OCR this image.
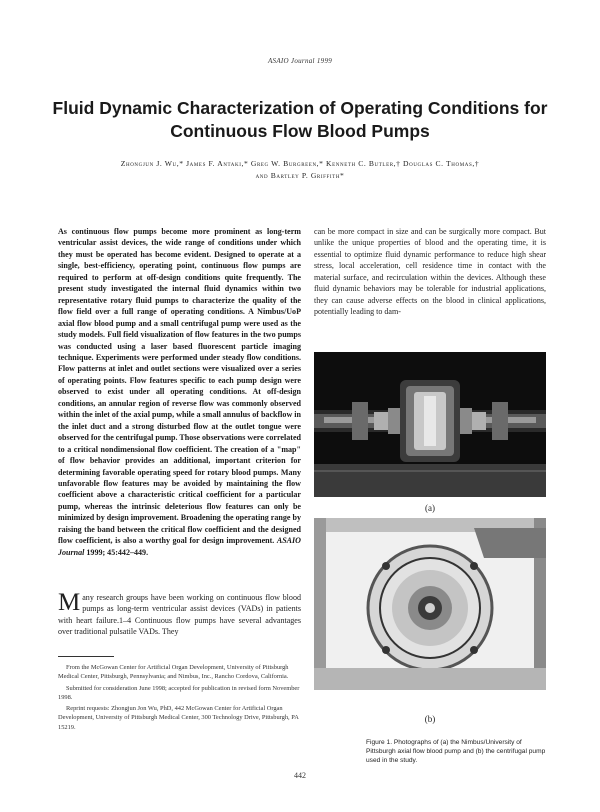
ASAIO Journal 1999
Fluid Dynamic Characterization of Operating Conditions for
Continuous Flow Blood Pumps
Zhongjun J. Wu,* James F. Antaki,* Greg W. Burgreen,* Kenneth C. Butler,† Douglas C. Thomas,†
and Bartley P. Griffith*
As continuous flow pumps become more prominent as long-term ventricular assist devices, the wide range of conditions under which they must be operated has become evident. Designed to operate at a single, best-efficiency, operating point, continuous flow pumps are required to perform at off-design conditions quite frequently. The present study investigated the internal fluid dynamics within two representative rotary fluid pumps to characterize the quality of the flow field over a full range of operating conditions. A Nimbus/UoP axial flow blood pump and a small centrifugal pump were used as the study models. Full field visualization of flow features in the two pumps was conducted using a laser based fluorescent particle imaging technique. Experiments were performed under steady flow conditions. Flow patterns at inlet and outlet sections were visualized over a series of operating points. Flow features specific to each pump design were observed to exist under all operating conditions. At off-design conditions, an annular region of reverse flow was commonly observed within the inlet of the axial pump, while a small annulus of backflow in the inlet duct and a strong disturbed flow at the outlet tongue were observed for the centrifugal pump. Those observations were correlated to a critical nondimensional flow coefficient. The creation of a "map" of flow behavior provides an additional, important criterion for determining favorable operating speed for rotary blood pumps. Many unfavorable flow features may be avoided by maintaining the flow coefficient above a characteristic critical coefficient for a particular pump, whereas the intrinsic deleterious flow features can only be minimized by design improvement. Broadening the operating range by raising the band between the critical flow coefficient and the designed flow coefficient, is also a worthy goal for design improvement. ASAIO Journal 1999; 45:442–449.
M any research groups have been working on continuous flow blood pumps as long-term ventricular assist devices (VADs) in patients with heart failure.1–4 Continuous flow pumps have several advantages over traditional pulsatile VADs. They

From the McGowan Center for Artificial Organ Development, University of Pittsburgh Medical Center, Pittsburgh, Pennsylvania; and Nimbus, Inc., Rancho Cordova, California.

Submitted for consideration June 1998; accepted for publication in revised form November 1998.

Reprint requests: Zhongjun Jon Wu, PhD, 442 McGowan Center for Artificial Organ Development, University of Pittsburgh Medical Center, 300 Technology Drive, Pittsburgh, PA 15219.

can be more compact in size and can be surgically more compact. But unlike the unique properties of blood and the operating time, it is essential to optimize fluid dynamic performance to reduce high shear stress, local acceleration, cell residence time in contact with the material surface, and recirculation within the devices. Although these fluid dynamic behaviors may be tolerable for industrial applications, they can cause adverse effects on the blood in clinical applications, potentially leading to dam-
(a)
(b)
Figure 1. Photographs of (a) the Nimbus/University of Pittsburgh axial flow blood pump and (b) the centrifugal pump used in the study.
442
